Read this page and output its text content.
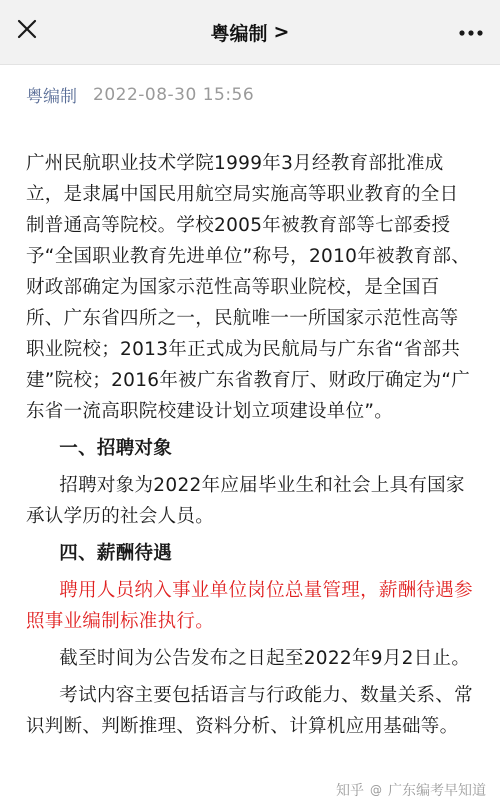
粤编制 >
粤编制 2022-08-30 15:56

广州民航职业技术学院1999年3月经教育部批准成立，是隶属中国民用航空局实施高等职业教育的全日制普通高等院校。学校2005年被教育部等七部委授予“全国职业教育先进单位”称号，2010年被教育部、财政部确定为国家示范性高等职业院校，是全国百所、广东省四所之一，民航唯一一所国家示范性高等职业院校；2013年正式成为民航局与广东省“省部共建”院校；2016年被广东省教育厅、财政厅确定为“广东省一流高职院校建设计划立项建设单位”。

一、招聘对象

招聘对象为2022年应届毕业生和社会上具有国家承认学历的社会人员。

四、薪酬待遇

聘用人员纳入事业单位岗位总量管理，薪酬待遇参照事业编制标准执行。

截至时间为公告发布之日起至2022年9月2日止。

考试内容主要包括语言与行政能力、数量关系、常识判断、判断推理、资料分析、计算机应用基础等。

知乎 @ 广东编考早知道
